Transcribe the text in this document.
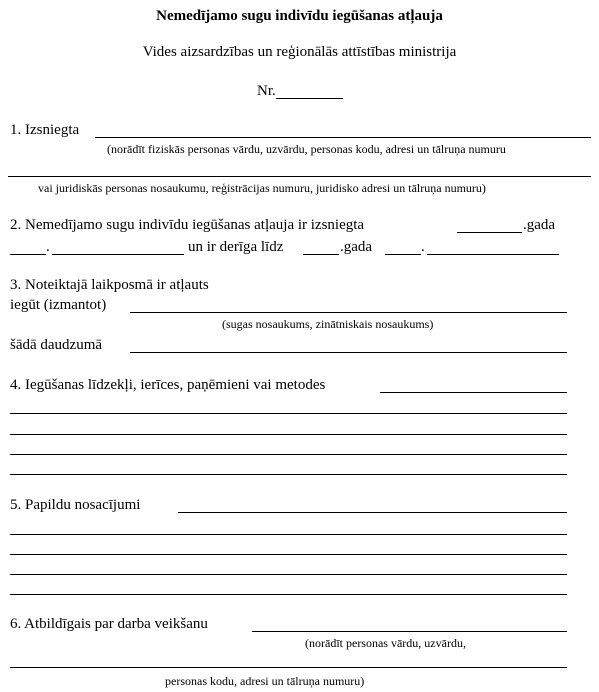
Nemedījamo sugu indivīdu iegūšanas atļauja
Vides aizsardzības un reģionālās attīstības ministrija
Nr.
1. Izsniegta
(norādīt fiziskās personas vārdu, uzvārdu, personas kodu, adresi un tālruņa numuru
vai juridiskās personas nosaukumu, reģistrācijas numuru, juridisko adresi un tālruņa numuru)
2. Nemedījamo sugu indivīdu iegūšanas atļauja ir izsniegta	.gada
.	un ir derīga līdz	.gada	.
3. Noteiktajā laikposmā ir atļauts
iegūt (izmantot)
(sugas nosaukums, zinātniskais nosaukums)
šādā daudzumā
4. Iegūšanas līdzekļi, ierīces, paņēmieni vai metodes
5. Papildu nosacījumi
6. Atbildīgais par darba veikšanu
(norādīt personas vārdu, uzvārdu,
personas kodu, adresi un tālruņa numuru)
